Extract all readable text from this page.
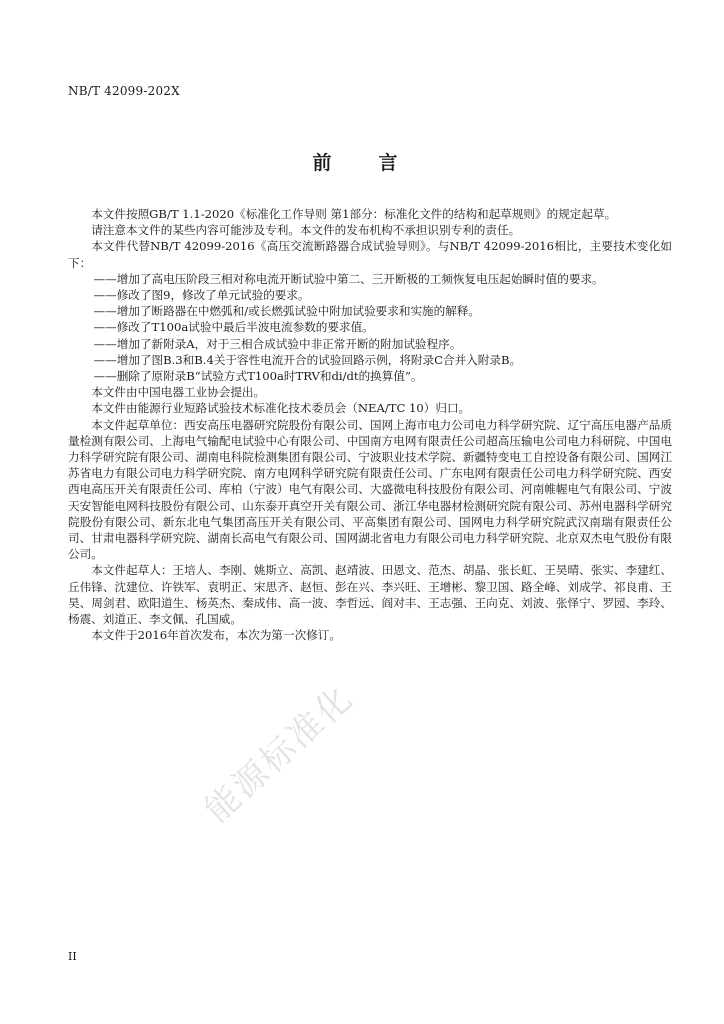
NB/T 42099-202X
前　言

本文件按照GB/T 1.1-2020《标准化工作导则 第1部分：标准化文件的结构和起草规则》的规定起草。

请注意本文件的某些内容可能涉及专利。本文件的发布机构不承担识别专利的责任。

本文件代替NB/T 42099-2016《高压交流断路器合成试验导则》。与NB/T 42099-2016相比，主要技术变化如下：

——增加了高电压阶段三相对称电流开断试验中第二、三开断极的工频恢复电压起始瞬时值的要求。

——修改了图9，修改了单元试验的要求。

——增加了断路器在中燃弧和/或长燃弧试验中附加试验要求和实施的解释。

——修改了T100a试验中最后半波电流参数的要求值。

——增加了新附录A，对于三相合成试验中非正常开断的附加试验程序。

——增加了图B.3和B.4关于容性电流开合的试验回路示例，将附录C合并入附录B。

——删除了原附录B“试验方式T100a时TRV和di/dt的换算值”。

本文件由中国电器工业协会提出。

本文件由能源行业短路试验技术标准化技术委员会（NEA/TC 10）归口。

本文件起草单位：西安高压电器研究院股份有限公司、国网上海市电力公司电力科学研究院、辽宁高压电器产品质量检测有限公司、上海电气输配电试验中心有限公司、中国南方电网有限责任公司超高压输电公司电力科研院、中国电力科学研究院有限公司、湖南电科院检测集团有限公司、宁波职业技术学院、新疆特变电工自控设备有限公司、国网江苏省电力有限公司电力科学研究院、南方电网科学研究院有限责任公司、广东电网有限责任公司电力科学研究院、西安西电高压开关有限责任公司、库柏（宁波）电气有限公司、大盛微电科技股份有限公司、河南帷幄电气有限公司、宁波天安智能电网科技股份有限公司、山东泰开真空开关有限公司、浙江华电器材检测研究院有限公司、苏州电器科学研究院股份有限公司、新东北电气集团高压开关有限公司、平高集团有限公司、国网电力科学研究院武汉南瑞有限责任公司、甘肃电器科学研究院、湖南长高电气有限公司、国网湖北省电力有限公司电力科学研究院、北京双杰电气股份有限公司。

本文件起草人：王培人、李刚、姚斯立、高凯、赵靖波、田恩文、范杰、胡晶、张长虹、王昊晴、张实、李建红、丘伟锋、沈建位、许铁军、袁明正、宋思齐、赵恒、彭在兴、李兴旺、王增彬、黎卫国、路全峰、刘成学、祁良甫、王昊、周剑君、欧阳道生、杨英杰、秦成伟、高一波、李哲远、阎对丰、王志强、王向克、刘波、张怿宁、罗园、李玲、杨震、刘道正、李文佩、孔国威。

本文件于2016年首次发布，本次为第一次修订。

能源标准化
II
